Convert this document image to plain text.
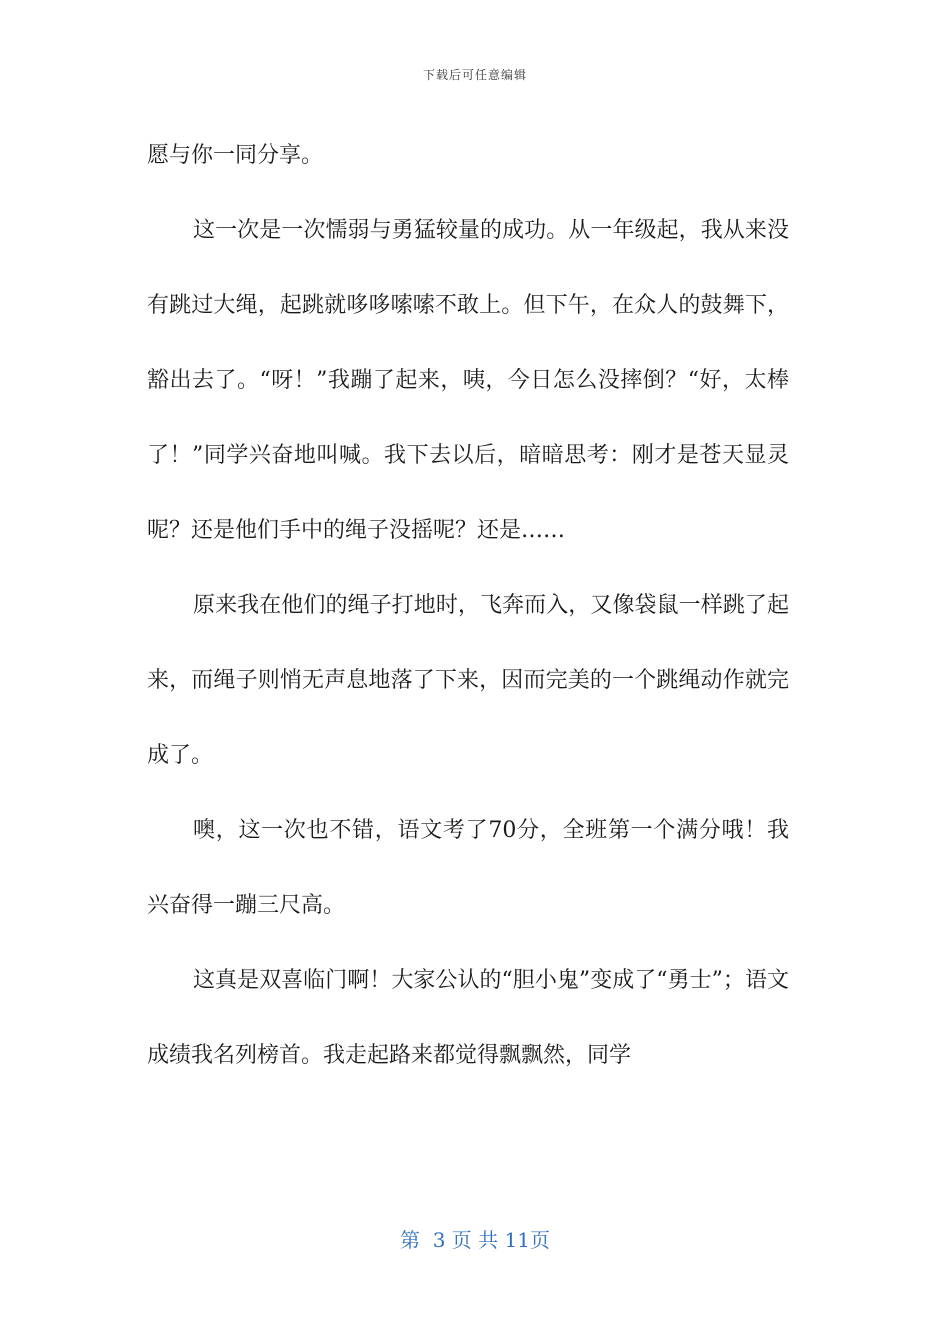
下载后可任意编辑

愿与你一同分享。

这一次是一次懦弱与勇猛较量的成功。从一年级起，我从来没有跳过大绳，起跳就哆哆嗦嗦不敢上。但下午，在众人的鼓舞下，豁出去了。“呀！”我蹦了起来，咦，今日怎么没摔倒？“好，太棒了！”同学兴奋地叫喊。我下去以后，暗暗思考：刚才是苍天显灵呢？还是他们手中的绳子没摇呢？还是……

原来我在他们的绳子打地时，飞奔而入，又像袋鼠一样跳了起来，而绳子则悄无声息地落了下来，因而完美的一个跳绳动作就完成了。

噢，这一次也不错，语文考了70分，全班第一个满分哦！我兴奋得一蹦三尺高。

这真是双喜临门啊！大家公认的“胆小鬼”变成了“勇士”；语文成绩我名列榜首。我走起路来都觉得飘飘然，同学

第  3 页 共 11页
